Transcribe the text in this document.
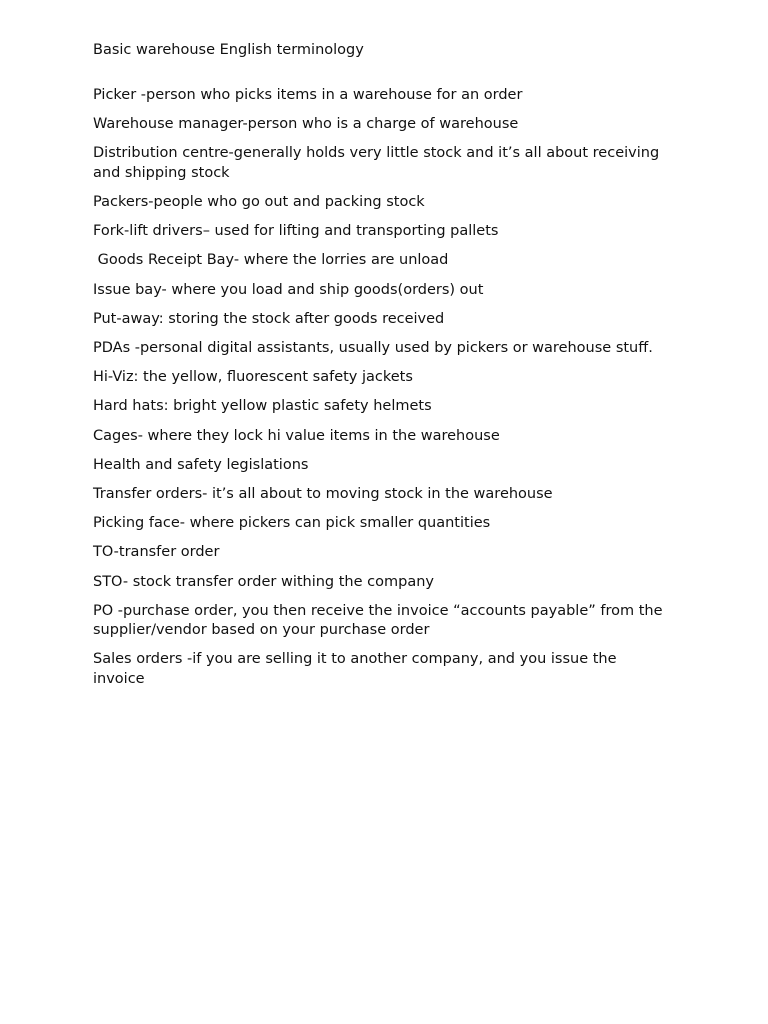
Basic warehouse English terminology
Picker -person who picks items in a warehouse for an order
Warehouse manager-person who is a charge of warehouse
Distribution centre-generally holds very little stock and it’s all about receiving and shipping stock
Packers-people who go out and packing stock
Fork-lift drivers– used for lifting and transporting pallets
Goods Receipt Bay- where the lorries are unload
Issue bay- where you load and ship goods(orders) out
Put-away: storing the stock after goods received
PDAs -personal digital assistants, usually used by pickers or warehouse stuff.
Hi-Viz: the yellow, fluorescent safety jackets
Hard hats: bright yellow plastic safety helmets
Cages- where they lock hi value items in the warehouse
Health and safety legislations
Transfer orders- it’s all about to moving stock in the warehouse
Picking face- where pickers can pick smaller quantities
TO-transfer order
STO- stock transfer order withing the company
PO -purchase order, you then receive the invoice “accounts payable” from the supplier/vendor based on your purchase order
Sales orders -if you are selling it to another company, and you issue the invoice
